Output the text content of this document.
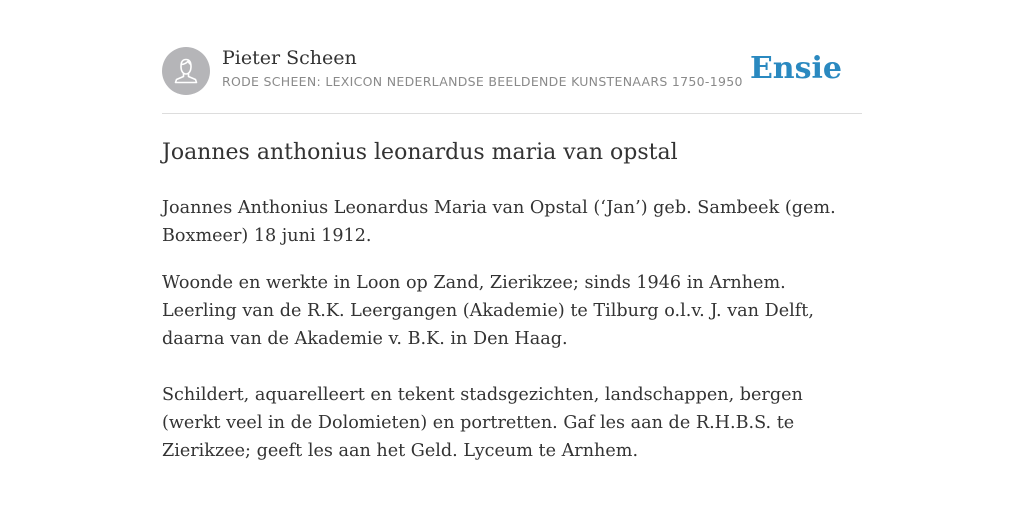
Pieter Scheen
RODE SCHEEN: LEXICON NEDERLANDSE BEELDENDE KUNSTENAARS 1750-1950 Ensie
Joannes anthonius leonardus maria van opstal

Joannes Anthonius Leonardus Maria van Opstal (‘Jan’) geb. Sambeek (gem. Boxmeer) 18 juni 1912.

Woonde en werkte in Loon op Zand, Zierikzee; sinds 1946 in Arnhem. Leerling van de R.K. Leergangen (Akademie) te Tilburg o.l.v. J. van Delft, daarna van de Akademie v. B.K. in Den Haag.

Schildert, aquarelleert en tekent stadsgezichten, landschappen, bergen (werkt veel in de Dolomieten) en portretten. Gaf les aan de R.H.B.S. te Zierikzee; geeft les aan het Geld. Lyceum te Arnhem.
